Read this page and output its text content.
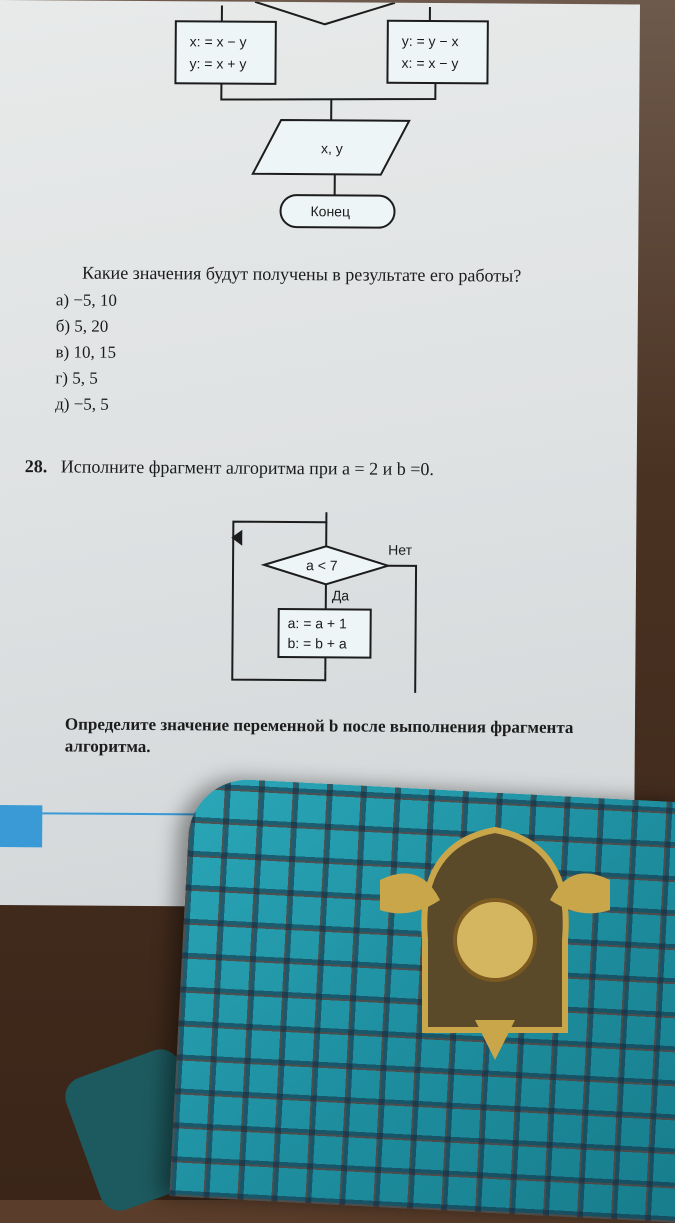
x: = x − y
y: = x + y
y: = y − x
x: = x − y
x, y
Конец
a < 7
Нет
Да
a: = a + 1
b: = b + a
Какие значения будут получены в результате его работы?
а) −5, 10
б) 5, 20
в) 10, 15
г) 5, 5
д) −5, 5
28. Исполните фрагмент алгоритма при a = 2 и b =0.
Определите значение переменной b после выполнения фрагмента алгоритма.
